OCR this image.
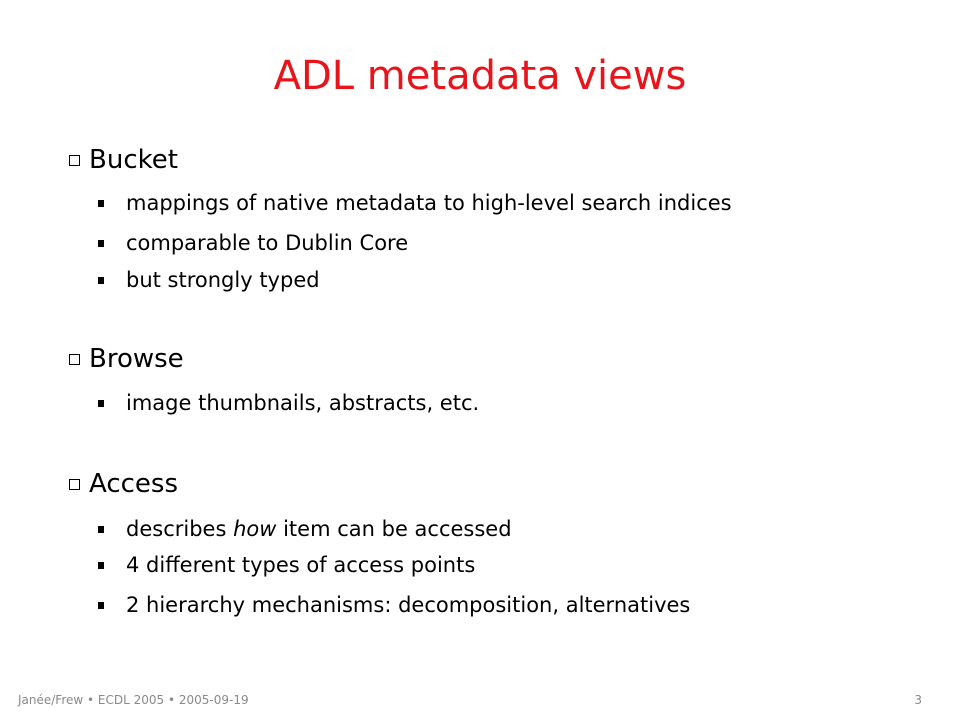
ADL metadata views
Bucket
mappings of native metadata to high-level search indices
comparable to Dublin Core
but strongly typed
Browse
image thumbnails, abstracts, etc.
Access
describes how item can be accessed
4 different types of access points
2 hierarchy mechanisms: decomposition, alternatives
Janée/Frew • ECDL 2005 • 2005-09-19	3
